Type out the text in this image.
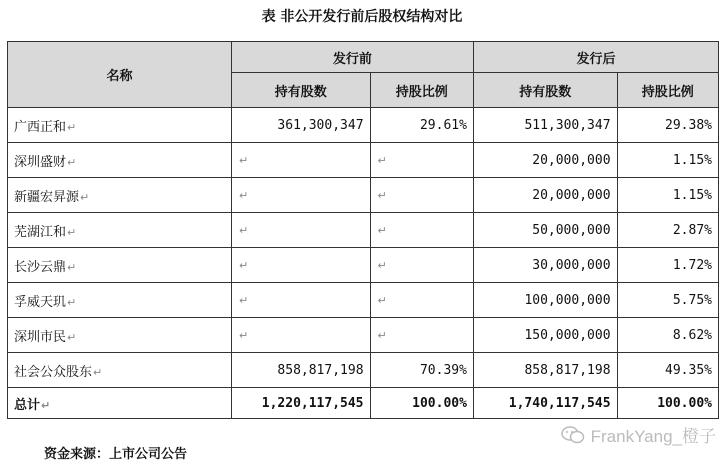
表 非公开发行前后股权结构对比
名称	发行前		发行后	
	持有股数	持股比例	持有股数	持股比例
广西正和↵	361,300,347	29.61%	511,300,347	29.38%
深圳盛财↵	↵	↵	20,000,000	1.15%
新疆宏昇源↵	↵	↵	20,000,000	1.15%
芜湖江和↵	↵	↵	50,000,000	2.87%
长沙云鼎↵	↵	↵	30,000,000	1.72%
孚威天玑↵	↵	↵	100,000,000	5.75%
深圳市民↵	↵	↵	150,000,000	8.62%
社会公众股东↵	858,817,198	70.39%	858,817,198	49.35%
总计↵	1,220,117,545	100.00%	1,740,117,545	100.00%
资金来源：上市公司公告
FrankYang_橙子
